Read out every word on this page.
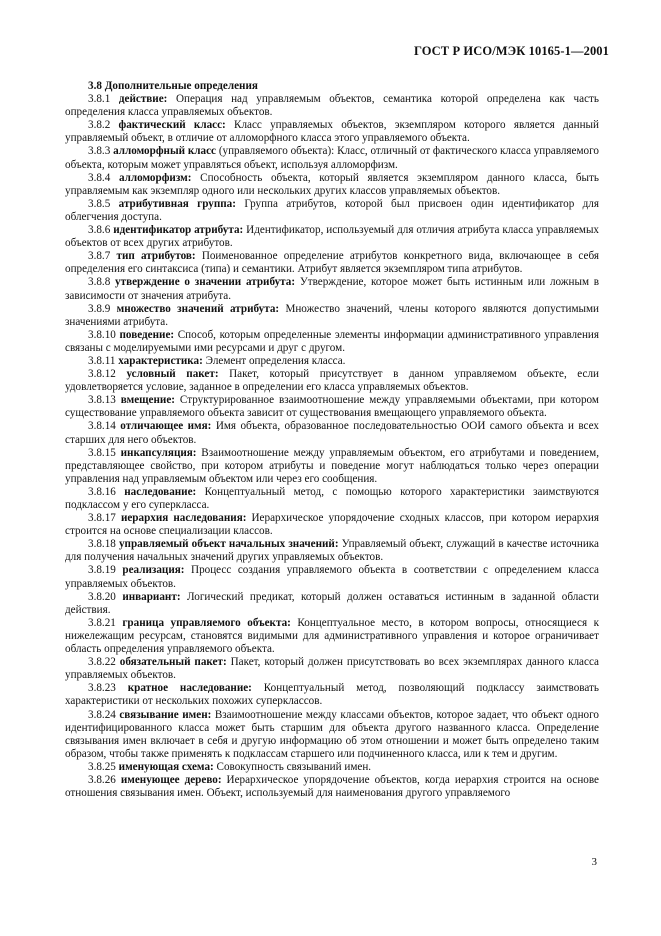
ГОСТ Р ИСО/МЭК 10165-1—2001
3.8 Дополнительные определения

3.8.1 действие: Операция над управляемым объектов, семантика которой определена как часть определения класса управляемых объектов.

3.8.2 фактический класс: Класс управляемых объектов, экземпляром которого является данный управляемый объект, в отличие от алломорфного класса этого управляемого объекта.

3.8.3 алломорфный класс (управляемого объекта): Класс, отличный от фактического класса управляемого объекта, которым может управляться объект, используя алломорфизм.

3.8.4 алломорфизм: Способность объекта, который является экземпляром данного класса, быть управляемым как экземпляр одного или нескольких других классов управляемых объектов.

3.8.5 атрибутивная группа: Группа атрибутов, которой был присвоен один идентификатор для облегчения доступа.

3.8.6 идентификатор атрибута: Идентификатор, используемый для отличия атрибута класса управляемых объектов от всех других атрибутов.

3.8.7 тип атрибутов: Поименованное определение атрибутов конкретного вида, включающее в себя определения его синтаксиса (типа) и семантики. Атрибут является экземпляром типа атрибутов.

3.8.8 утверждение о значении атрибута: Утверждение, которое может быть истинным или ложным в зависимости от значения атрибута.

3.8.9 множество значений атрибута: Множество значений, члены которого являются допустимыми значениями атрибута.

3.8.10 поведение: Способ, которым определенные элементы информации административного управления связаны с моделируемыми ими ресурсами и друг с другом.

3.8.11 характеристика: Элемент определения класса.

3.8.12 условный пакет: Пакет, который присутствует в данном управляемом объекте, если удовлетворяется условие, заданное в определении его класса управляемых объектов.

3.8.13 вмещение: Структурированное взаимоотношение между управляемыми объектами, при котором существование управляемого объекта зависит от существования вмещающего управляемого объекта.

3.8.14 отличающее имя: Имя объекта, образованное последовательностью ООИ самого объекта и всех старших для него объектов.

3.8.15 инкапсуляция: Взаимоотношение между управляемым объектом, его атрибутами и поведением, представляющее свойство, при котором атрибуты и поведение могут наблюдаться только через операции управления над управляемым объектом или через его сообщения.

3.8.16 наследование: Концептуальный метод, с помощью которого характеристики заимствуются подклассом у его суперкласса.

3.8.17 иерархия наследования: Иерархическое упорядочение сходных классов, при котором иерархия строится на основе специализации классов.

3.8.18 управляемый объект начальных значений: Управляемый объект, служащий в качестве источника для получения начальных значений других управляемых объектов.

3.8.19 реализация: Процесс создания управляемого объекта в соответствии с определением класса управляемых объектов.

3.8.20 инвариант: Логический предикат, который должен оставаться истинным в заданной области действия.

3.8.21 граница управляемого объекта: Концептуальное место, в котором вопросы, относящиеся к нижележащим ресурсам, становятся видимыми для административного управления и которое ограничивает область определения управляемого объекта.

3.8.22 обязательный пакет: Пакет, который должен присутствовать во всех экземплярах данного класса управляемых объектов.

3.8.23 кратное наследование: Концептуальный метод, позволяющий подклассу заимствовать характеристики от нескольких похожих суперклассов.

3.8.24 связывание имен: Взаимоотношение между классами объектов, которое задает, что объект одного идентифицированного класса может быть старшим для объекта другого названного класса. Определение связывания имен включает в себя и другую информацию об этом отношении и может быть определено таким образом, чтобы также применять к подклассам старшего или подчиненного класса, или к тем и другим.

3.8.25 именующая схема: Совокупность связываний имен.

3.8.26 именующее дерево: Иерархическое упорядочение объектов, когда иерархия строится на основе отношения связывания имен. Объект, используемый для наименования другого управляемого

3
